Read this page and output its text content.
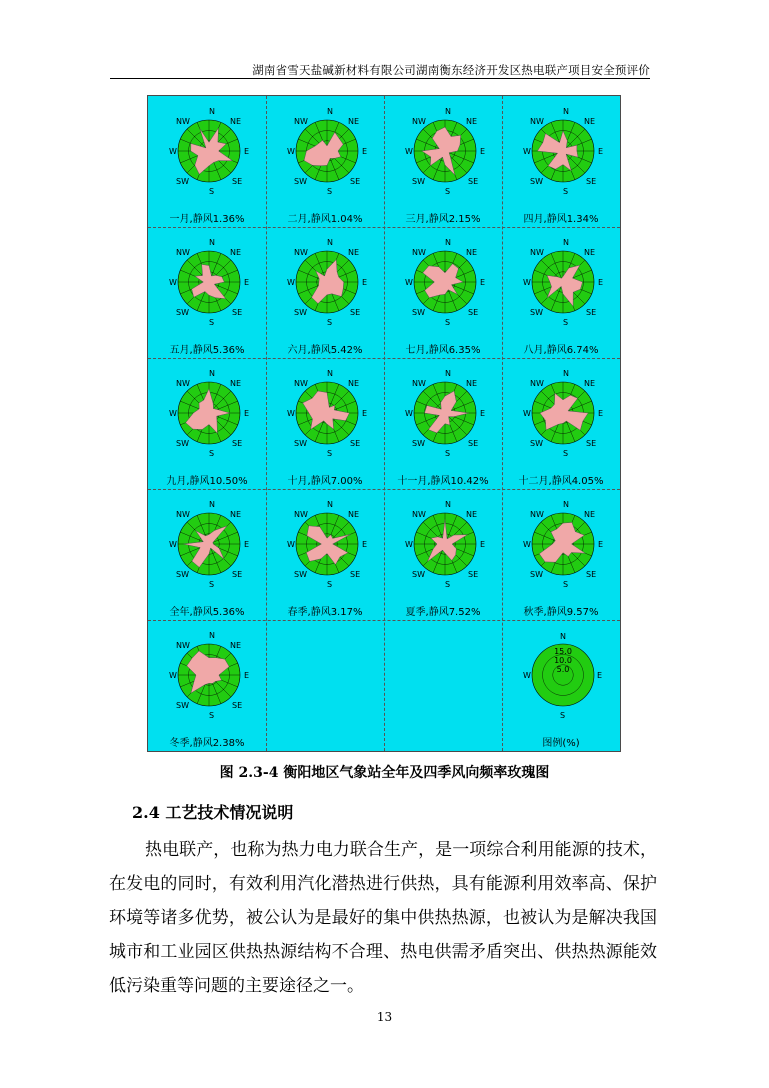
湖南省雪天盐碱新材料有限公司湖南衡东经济开发区热电联产项目安全预评价
N
S
W	E
NW	NE
SW	SE
一月,静风1.36%
N
S
W	E
NW	NE
SW	SE
二月,静风1.04%
N
S
W	E
NW	NE
SW	SE
三月,静风2.15%
N
S
W	E
NW	NE
SW	SE
四月,静风1.34%
N
S
W	E
NW	NE
SW	SE
五月,静风5.36%
N
S
W	E
NW	NE
SW	SE
六月,静风5.42%
N
S
W	E
NW	NE
SW	SE
七月,静风6.35%
N
S
W	E
NW	NE
SW	SE
八月,静风6.74%
N
S
W	E
NW	NE
SW	SE
九月,静风10.50%
N
S
W	E
NW	NE
SW	SE
十月,静风7.00%
N
S
W	E
NW	NE
SW	SE
十一月,静风10.42%
N
S
W	E
NW	NE
SW	SE
十二月,静风4.05%
N
S
W	E
NW	NE
SW	SE
全年,静风5.36%
N
S
W	E
NW	NE
SW	SE
春季,静风3.17%
N
S
W	E
NW	NE
SW	SE
夏季,静风7.52%
N
S
W	E
NW	NE
SW	SE
秋季,静风9.57%
N
S
W	E
NW	NE
SW	SE
冬季,静风2.38%
15.0
10.0
5.0
N
S
W	E
图例(%)
图 2.3-4 衡阳地区气象站全年及四季风向频率玫瑰图
2.4 工艺技术情况说明
热电联产，也称为热力电力联合生产，是一项综合利用能源的技术，在发电的同时，有效利用汽化潜热进行供热，具有能源利用效率高、保护环境等诸多优势，被公认为是最好的集中供热热源，也被认为是解决我国城市和工业园区供热热源结构不合理、热电供需矛盾突出、供热热源能效低污染重等问题的主要途径之一。
13
